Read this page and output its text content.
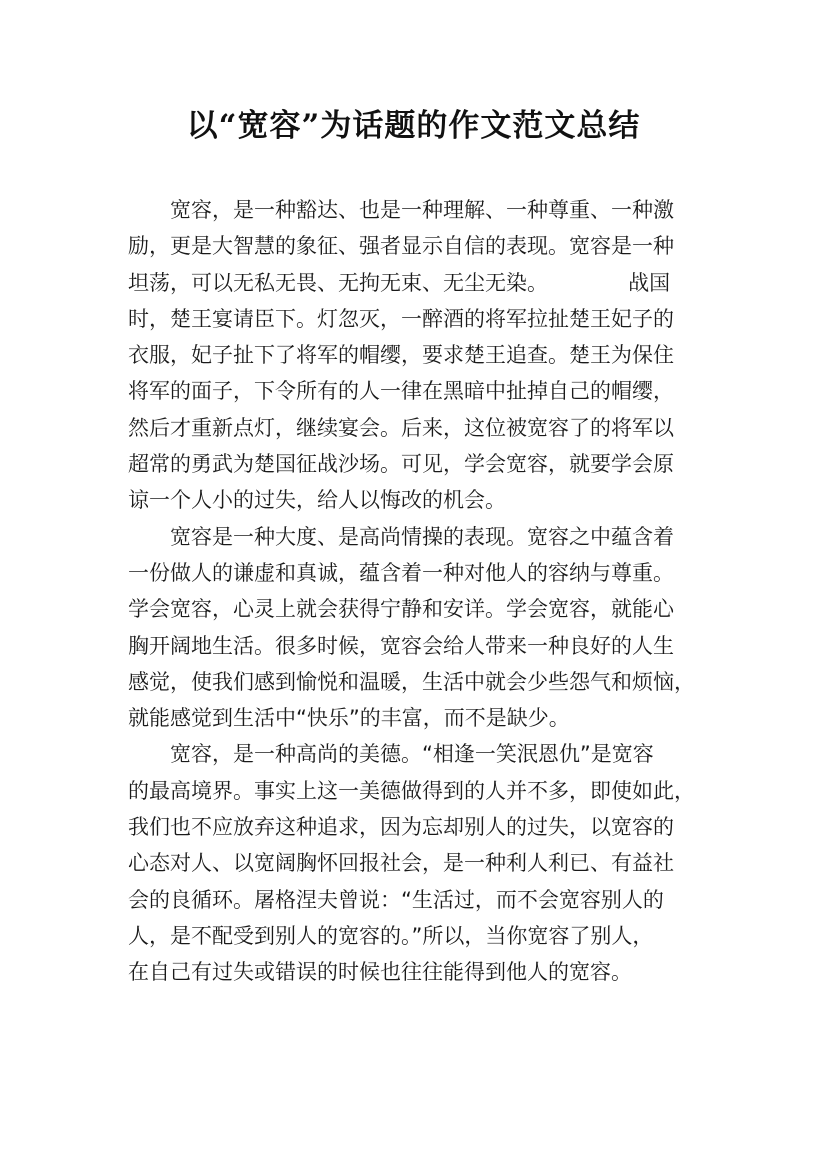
以“宽容”为话题的作文范文总结
宽容，是一种豁达、也是一种理解、一种尊重、一种激
励，更是大智慧的象征、强者显示自信的表现。宽容是一种
坦荡，可以无私无畏、无拘无束、无尘无染。            战国
时，楚王宴请臣下。灯忽灭，一醉酒的将军拉扯楚王妃子的
衣服，妃子扯下了将军的帽缨，要求楚王追查。楚王为保住
将军的面子，下令所有的人一律在黑暗中扯掉自己的帽缨，
然后才重新点灯，继续宴会。后来，这位被宽容了的将军以
超常的勇武为楚国征战沙场。可见，学会宽容，就要学会原
谅一个人小的过失，给人以悔改的机会。
宽容是一种大度、是高尚情操的表现。宽容之中蕴含着
一份做人的谦虚和真诚，蕴含着一种对他人的容纳与尊重。
学会宽容，心灵上就会获得宁静和安详。学会宽容，就能心
胸开阔地生活。很多时候，宽容会给人带来一种良好的人生
感觉，使我们感到愉悦和温暖，生活中就会少些怨气和烦恼，
就能感觉到生活中“快乐”的丰富，而不是缺少。
宽容，是一种高尚的美德。“相逢一笑泯恩仇”是宽容
的最高境界。事实上这一美德做得到的人并不多，即使如此，
我们也不应放弃这种追求，因为忘却别人的过失，以宽容的
心态对人、以宽阔胸怀回报社会，是一种利人利已、有益社
会的良循环。屠格涅夫曾说：“生活过，而不会宽容别人的
人，是不配受到别人的宽容的。”所以，当你宽容了别人，
在自己有过失或错误的时候也往往能得到他人的宽容。
